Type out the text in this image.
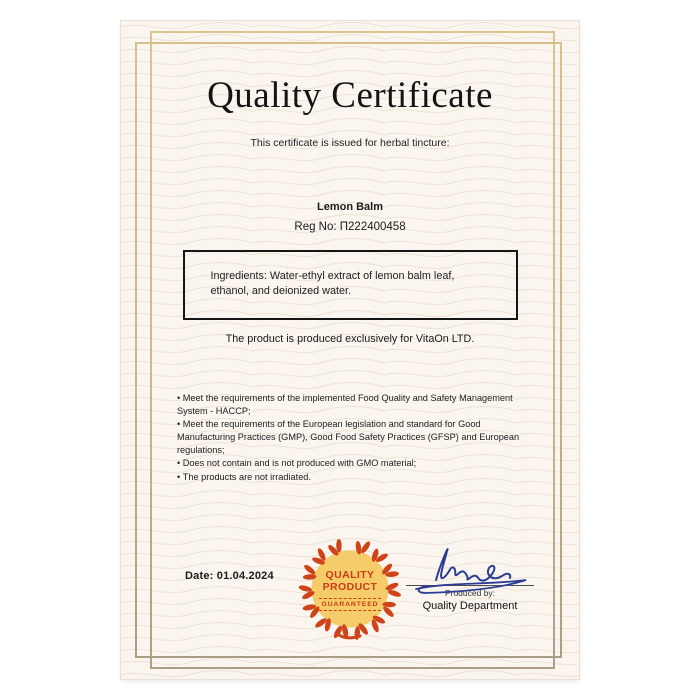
Quality Certificate
This certificate is issued for herbal tincture:
Lemon Balm
Reg No: П222400458
Ingredients: Water-ethyl extract of lemon balm leaf, ethanol, and deionized water.
The product is produced exclusively for VitaOn LTD.
• Meet the requirements of the implemented Food Quality and Safety Management System - HACCP;
• Meet the requirements of the European legislation and standard for Good Manufacturing Practices (GMP), Good Food Safety Practices (GFSP) and European regulations;
• Does not contain and is not produced with GMO material;
• The products are not irradiated.
Date: 01.04.2024	QUALITY
PRODUCT
GUARANTEED
Produced by:
Quality Department
